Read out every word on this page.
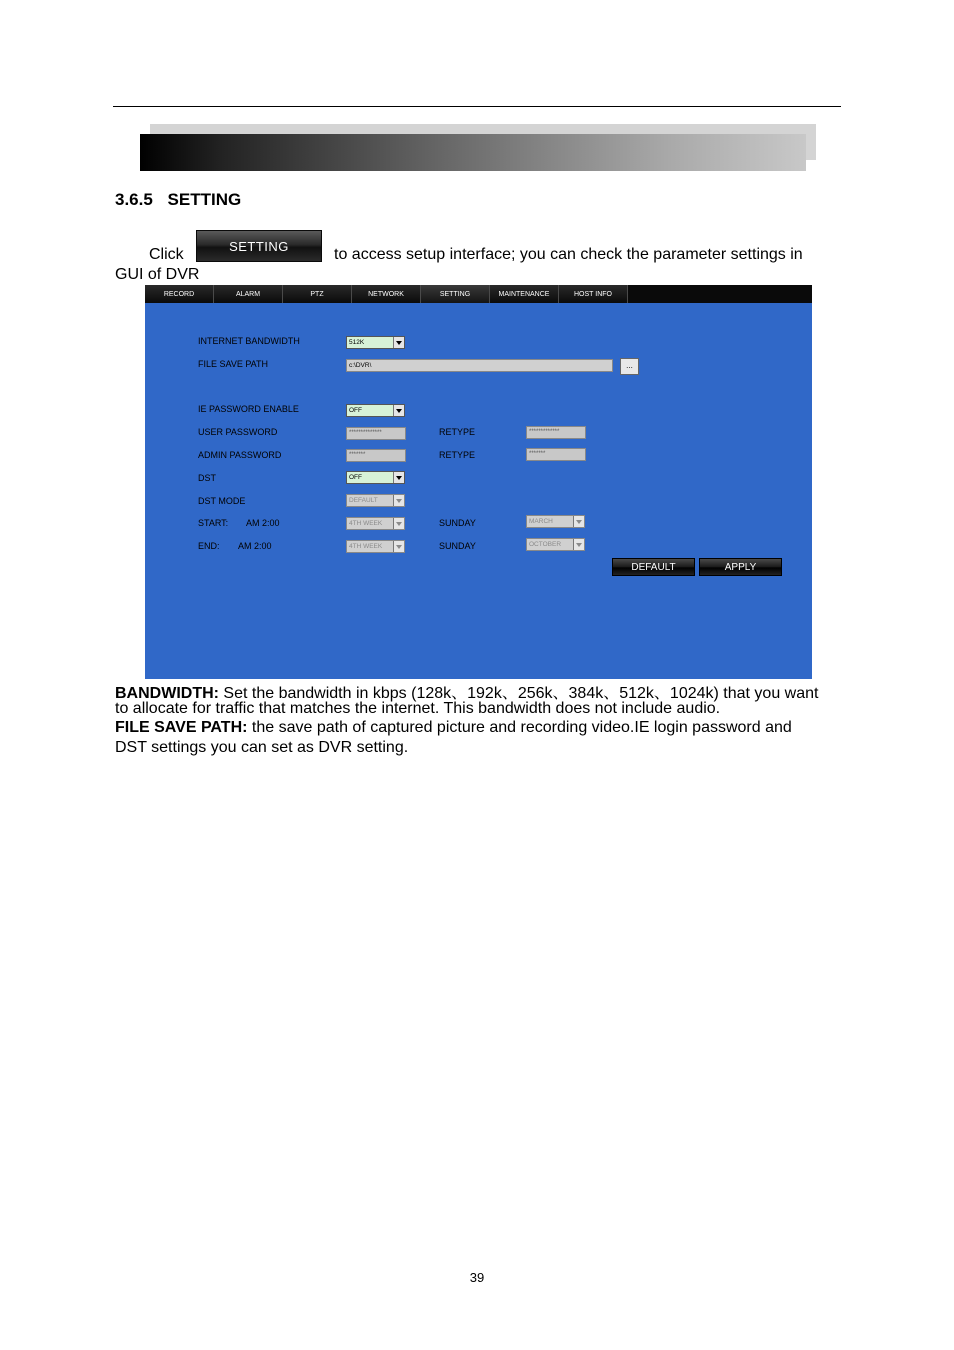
3.6.5 SETTING
Click	SETTING	to access setup interface; you can check the parameter settings in
GUI of DVR
RECORD	ALARM	PTZ	NETWORK	SETTING	MAINTENANCE	HOST INFO
INTERNET BANDWIDTH	512K
FILE SAVE PATH	c:\DVR\	...
IE PASSWORD ENABLE	OFF
USER PASSWORD	**************	RETYPE	*************
ADMIN PASSWORD	*******	RETYPE	*******
DST	OFF
DST MODE	DEFAULT
START: AM 2:00	4TH WEEK	SUNDAY	MARCH
END: AM 2:00	4TH WEEK	SUNDAY	OCTOBER
DEFAULT	APPLY
BANDWIDTH: Set the bandwidth in kbps (128k、192k、256k、384k、512k、1024k) that you want
to allocate for traffic that matches the internet. This bandwidth does not include audio.
FILE SAVE PATH: the save path of captured picture and recording video.IE login password and
DST settings you can set as DVR setting.
39
